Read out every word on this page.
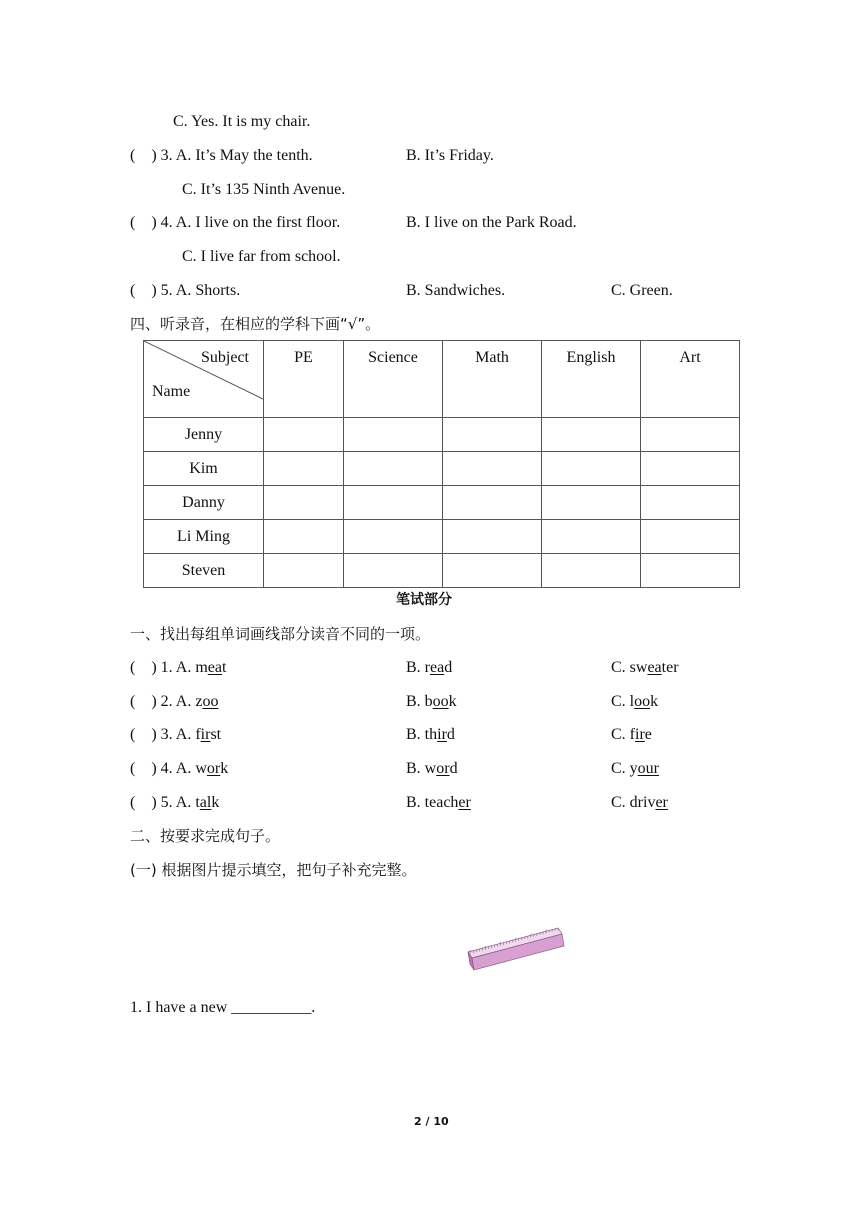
C. Yes. It is my chair.
( ) 3. A. It’s May the tenth.	B. It’s Friday.
C. It’s 135 Ninth Avenue.
( ) 4. A. I live on the first floor.	B. I live on the Park Road.
C. I live far from school.
( ) 5. A. Shorts.	B. Sandwiches.	C. Green.
四、听录音，在相应的学科下画“√”。
Subject
Name	PE	Science	Math	English	Art
Jenny					
Kim					
Danny					
Li Ming					
Steven					
笔试部分
一、找出每组单词画线部分读音不同的一项。
(    ) 1. A. meat	B. read	C. sweater
(    ) 2. A. zoo	B. book	C. look
(    ) 3. A. first	B. third	C. fire
(    ) 4. A. work	B. word	C. your
(    ) 5. A. talk	B. teacher	C. driver
二、按要求完成句子。
(一) 根据图片提示填空，把句子补充完整。
1. I have a new __________.
2 / 10
